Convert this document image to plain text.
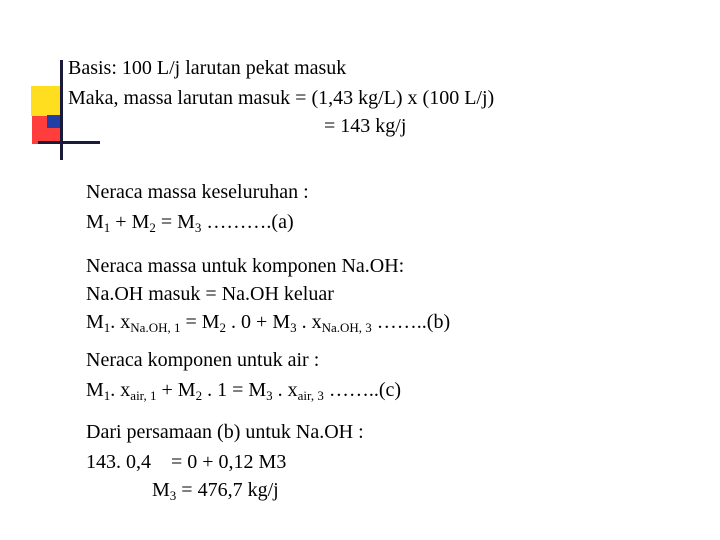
Basis: 100 L/j larutan pekat masuk
Maka, massa larutan masuk = (1,43 kg/L) x (100 L/j)
= 143 kg/j
Neraca massa keseluruhan :
$M_1 + M_2 = M_3$ ……….(a)
Neraca massa untuk komponen Na.OH:
Na.OH masuk = Na.OH keluar
$M_1$. $x_{Na.OH, 1} = M_2$ . $0 + M_3$ . $x_{Na.OH, 3}$ ……..(b)
Neraca komponen untuk air :
$M_1$. $x_{air, 1} + M_2$ . $1 = M_3$ . $x_{air, 3}$ ……..(c)
Dari persamaan (b) untuk Na.OH :
143. 0,4    = 0 + 0,12 M3
$M_3 = 476,7$ kg/j
